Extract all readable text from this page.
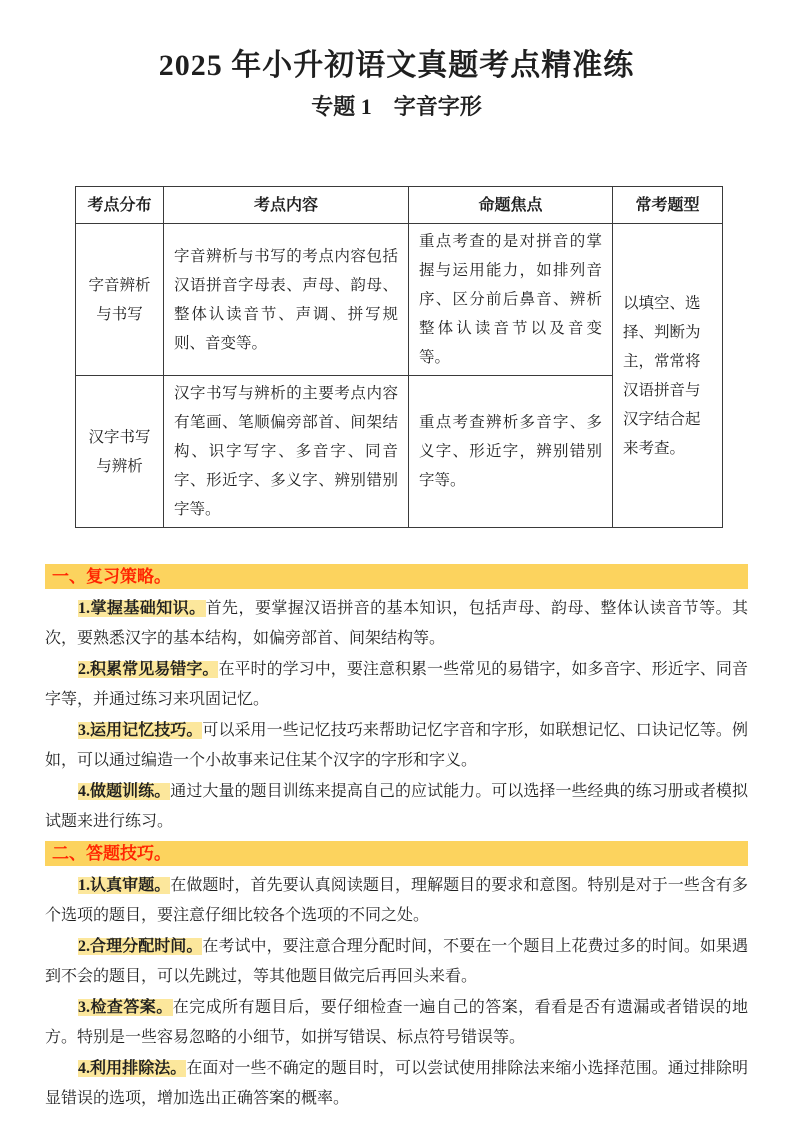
2025 年小升初语文真题考点精准练
专题 1　字音字形
考点分布	考点内容	命题焦点	常考题型
字音辨析与书写	字音辨析与书写的考点内容包括汉语拼音字母表、声母、韵母、整体认读音节、声调、拼写规则、音变等。	重点考查的是对拼音的掌握与运用能力，如排列音序、区分前后鼻音、辨析整体认读音节以及音变等。	以填空、选择、判断为主，常常将汉语拼音与汉字结合起来考查。
汉字书写与辨析	汉字书写与辨析的主要考点内容有笔画、笔顺偏旁部首、间架结构、识字写字、多音字、同音字、形近字、多义字、辨别错别字等。	重点考查辨析多音字、多义字、形近字，辨别错别字等。	
一、复习策略。

1.掌握基础知识。首先，要掌握汉语拼音的基本知识，包括声母、韵母、整体认读音节等。其次，要熟悉汉字的基本结构，如偏旁部首、间架结构等。

2.积累常见易错字。在平时的学习中，要注意积累一些常见的易错字，如多音字、形近字、同音字等，并通过练习来巩固记忆。

3.运用记忆技巧。可以采用一些记忆技巧来帮助记忆字音和字形，如联想记忆、口诀记忆等。例如，可以通过编造一个小故事来记住某个汉字的字形和字义。

4.做题训练。通过大量的题目训练来提高自己的应试能力。可以选择一些经典的练习册或者模拟试题来进行练习。

二、答题技巧。

1.认真审题。在做题时，首先要认真阅读题目，理解题目的要求和意图。特别是对于一些含有多个选项的题目，要注意仔细比较各个选项的不同之处。

2.合理分配时间。在考试中，要注意合理分配时间，不要在一个题目上花费过多的时间。如果遇到不会的题目，可以先跳过，等其他题目做完后再回头来看。

3.检查答案。在完成所有题目后，要仔细检查一遍自己的答案，看看是否有遗漏或者错误的地方。特别是一些容易忽略的小细节，如拼写错误、标点符号错误等。

4.利用排除法。在面对一些不确定的题目时，可以尝试使用排除法来缩小选择范围。通过排除明显错误的选项，增加选出正确答案的概率。
